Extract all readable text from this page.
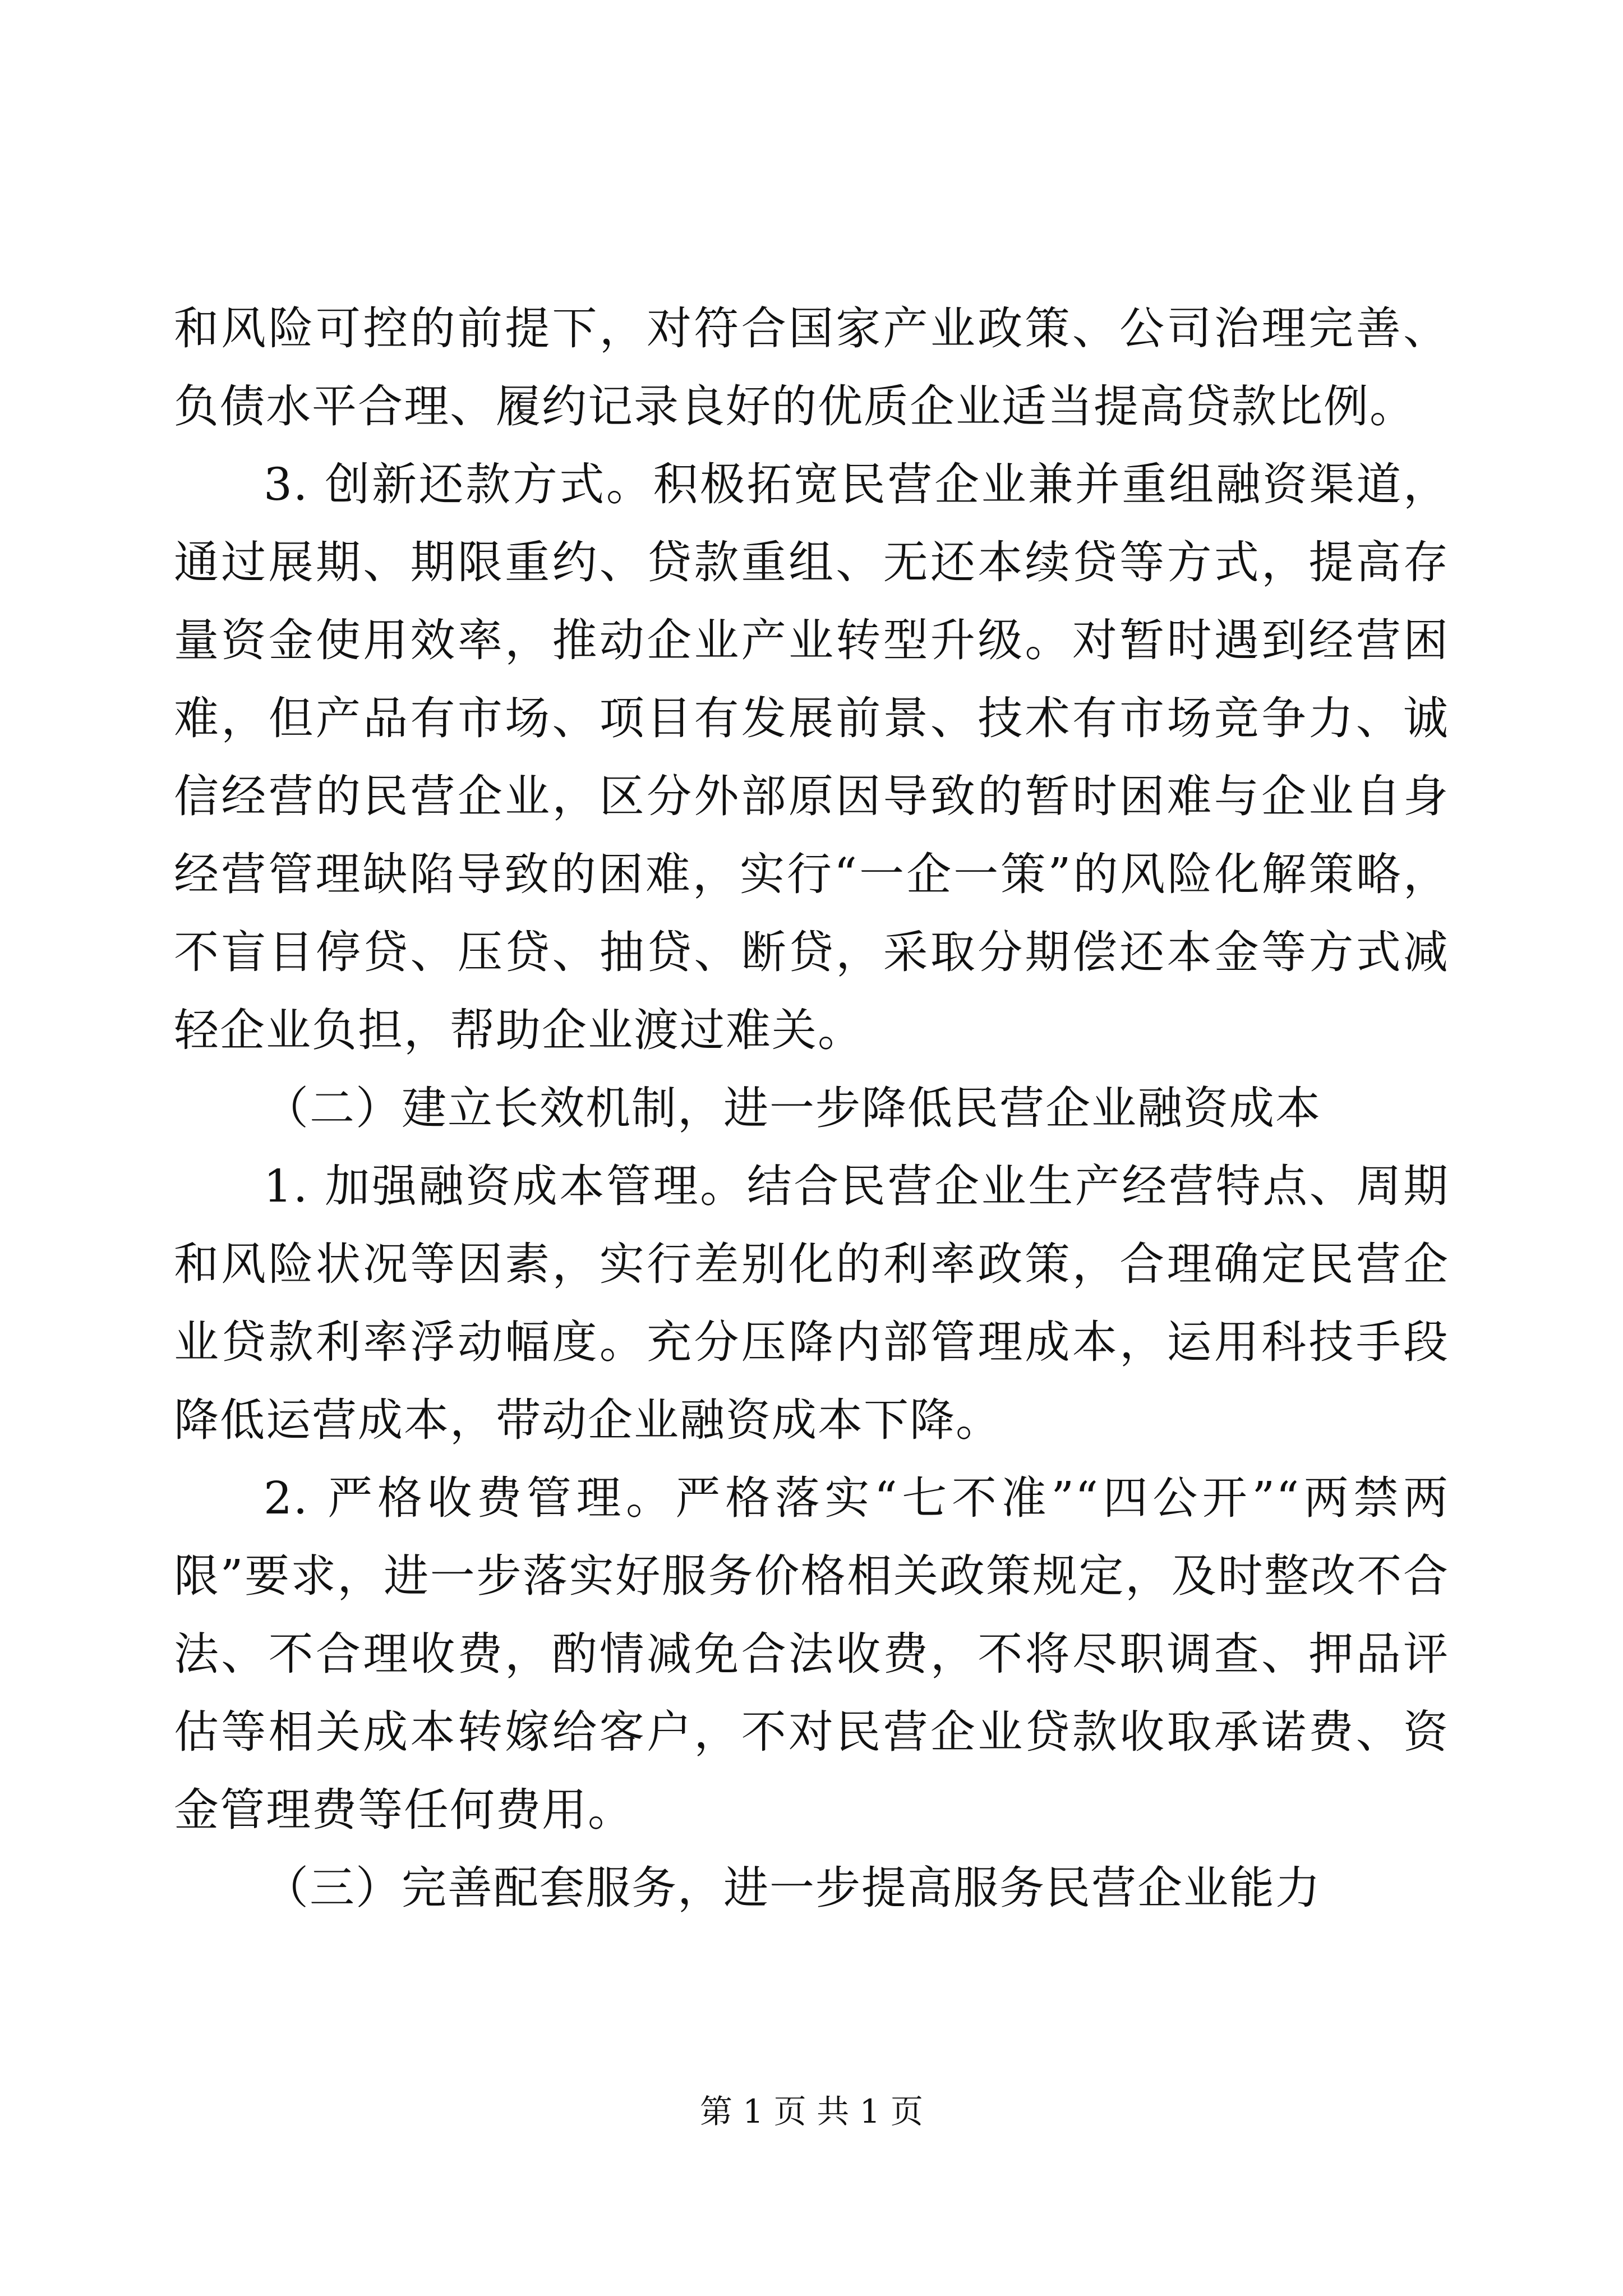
和风险可控的前提下，对符合国家产业政策、公司治理完善、负债水平合理、履约记录良好的优质企业适当提高贷款比例。

3. 创新还款方式。积极拓宽民营企业兼并重组融资渠道，通过展期、期限重约、贷款重组、无还本续贷等方式，提高存量资金使用效率，推动企业产业转型升级。对暂时遇到经营困难，但产品有市场、项目有发展前景、技术有市场竞争力、诚信经营的民营企业，区分外部原因导致的暂时困难与企业自身经营管理缺陷导致的困难，实行“一企一策”的风险化解策略，不盲目停贷、压贷、抽贷、断贷，采取分期偿还本金等方式减轻企业负担，帮助企业渡过难关。

（二）建立长效机制，进一步降低民营企业融资成本

1. 加强融资成本管理。结合民营企业生产经营特点、周期和风险状况等因素，实行差别化的利率政策，合理确定民营企业贷款利率浮动幅度。充分压降内部管理成本，运用科技手段降低运营成本，带动企业融资成本下降。

2. 严格收费管理。严格落实“七不准”“四公开”“两禁两限”要求，进一步落实好服务价格相关政策规定，及时整改不合法、不合理收费，酌情减免合法收费，不将尽职调查、押品评估等相关成本转嫁给客户，不对民营企业贷款收取承诺费、资金管理费等任何费用。

（三）完善配套服务，进一步提高服务民营企业能力

第 1 页 共 1 页
